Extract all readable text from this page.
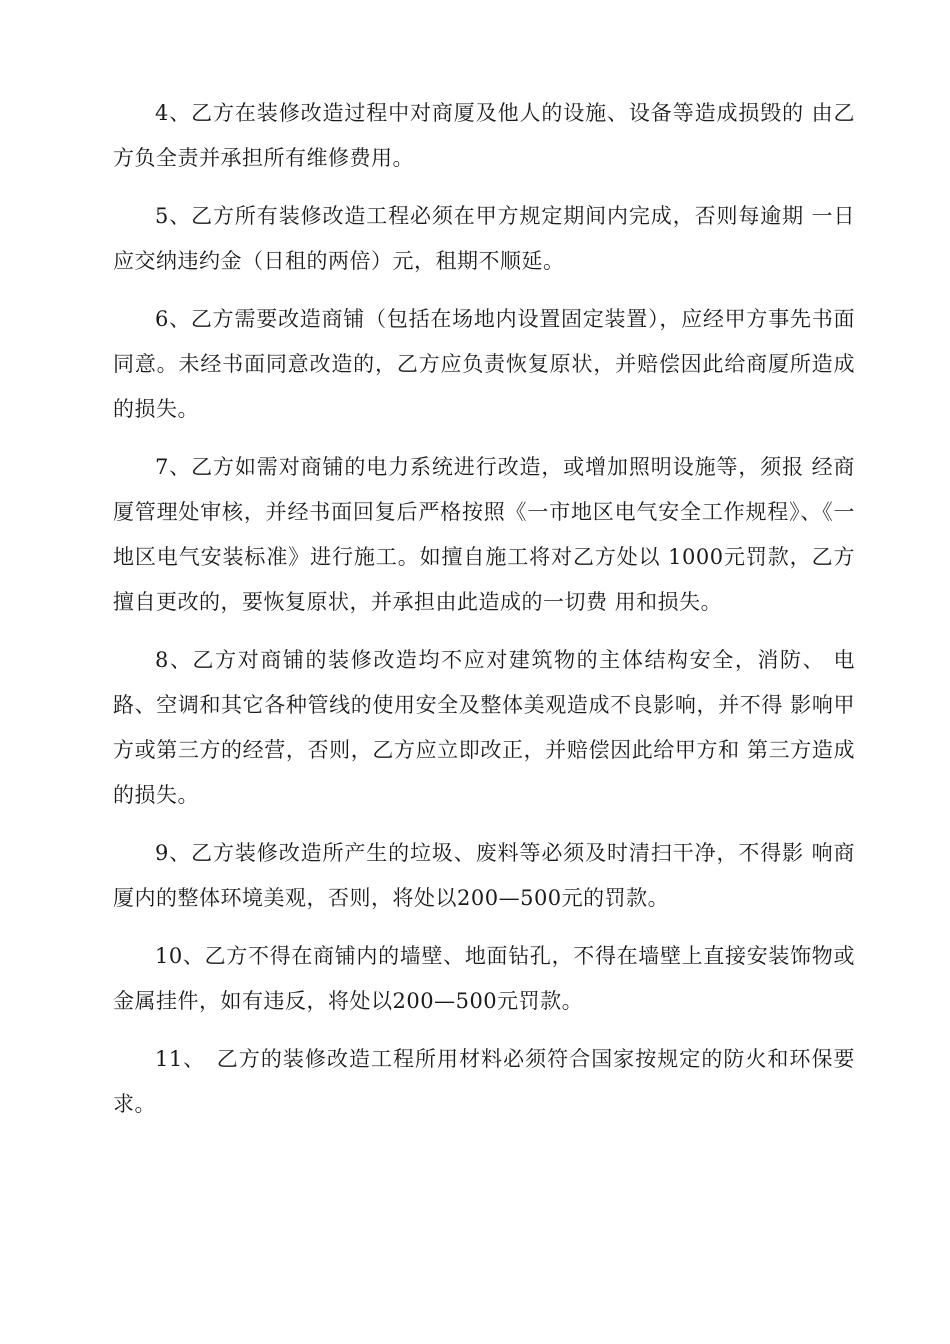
4、乙方在装修改造过程中对商厦及他人的设施、设备等造成损毁的 由乙方负全责并承担所有维修费用。

5、乙方所有装修改造工程必须在甲方规定期间内完成，否则每逾期 一日应交纳违约金（日租的两倍）元，租期不顺延。

6、乙方需要改造商铺（包括在场地内设置固定装置），应经甲方事先书面同意。未经书面同意改造的，乙方应负责恢复原状，并赔偿因此给商厦所造成的损失。

7、乙方如需对商铺的电力系统进行改造，或增加照明设施等，须报 经商厦管理处审核，并经书面回复后严格按照《一市地区电气安全工作规程》、《一地区电气安装标准》进行施工。如擅自施工将对乙方处以 1000元罚款，乙方擅自更改的，要恢复原状，并承担由此造成的一切费 用和损失。

8、乙方对商铺的装修改造均不应对建筑物的主体结构安全，消防、 电路、空调和其它各种管线的使用安全及整体美观造成不良影响，并不得 影响甲方或第三方的经营，否则，乙方应立即改正，并赔偿因此给甲方和 第三方造成的损失。

9、乙方装修改造所产生的垃圾、废料等必须及时清扫干净，不得影 响商厦内的整体环境美观，否则，将处以200—500元的罚款。

10、乙方不得在商铺内的墙壁、地面钻孔，不得在墙壁上直接安装饰物或金属挂件，如有违反，将处以200—500元罚款。

11、　乙方的装修改造工程所用材料必须符合国家按规定的防火和环保要求。
